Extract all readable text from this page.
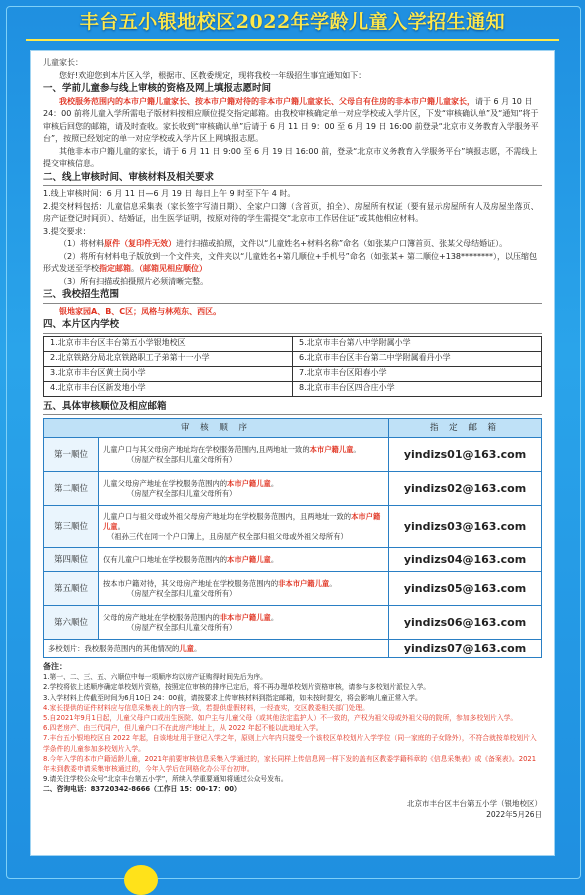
丰台五小银地校区2022年学龄儿童入学招生通知

儿童家长：

您好!欢迎您到本片区入学，根据市、区教委规定，现将我校一年级招生事宜通知如下：

一、学前儿童参与线上审核的资格及网上填报志愿时间

我校服务范围内的本市户籍儿童家长、按本市户籍对待的非本市户籍儿童家长、父母自有住房的非本市户籍儿童家长，请于 6 月 10 日 24：00 前将儿童入学所需电子版材料按相应顺位提交指定邮箱。由我校审核确定单一对应学校或入学片区，下发“审核确认单”及“通知”将于审核后回您的邮箱，请及时查收。家长收到“审核确认单”后请于 6 月 11 日 9：00 至 6 月 19 日 16:00 前登录“北京市义务教育入学服务平台”，按照已经划定的单一对应学校或入学片区上网填报志愿。

其他非本市户籍儿童的家长，请于 6 月 11 日 9:00 至 6 月 19 日 16:00 前，登录“北京市义务教育入学服务平台”填报志愿，不需线上提交审核信息。

二、线上审核时间、审核材料及相关要求

1.线上审核时间：6 月 11 日—6 月 19 日 每日上午 9 时至下午 4 时。

2.提交材料包括：儿童信息采集表（家长签字写清日期）、全家户口簿（含首页，拍全）、房屋所有权证（要有显示房屋所有人及房屋坐落页、房产证登记时间页）、结婚证，出生医学证明，按原对待的学生需提交“北京市工作居住证”或其他相应材料。

3.提交要求：

（1）将材料原件（复印件无效）进行扫描或拍照，文件以“儿童姓名+材料名称”命名（如张某户口簿首页、张某父母结婚证）。

（2）将所有材料电子版放到一个文件夹，文件夹以“儿童姓名+第几顺位+手机号”命名（如张某+ 第二顺位+138********），以压缩包形式发送至学校指定邮箱。（邮箱见相应顺位）

（3）所有扫描或拍摄照片必须清晰完整。

三、我校招生范围

银地家园A、B、C区；凤格与林苑东、西区。

四、本片区内学校

1.北京市丰台区丰台第五小学银地校区	5.北京市丰台第八中学附属小学
2.北京铁路分局北京铁路职工子弟第十一小学	6.北京市丰台区丰台第二中学附属看丹小学
3.北京市丰台区黄土岗小学	7.北京市丰台区阳春小学
4.北京市丰台区新发地小学	8.北京市丰台区四合庄小学

五、具体审核顺位及相应邮箱

审 核 顺 序		指 定 邮 箱
第一顺位	儿童户口与其父母房产地址均在学校服务范围内,且两地址一致的本市户籍儿童。
（房屋产权全部归儿童父母所有）	yindizs01@163.com
第二顺位	儿童父母房产地址在学校服务范围内的本市户籍儿童。
（房屋产权全部归儿童父母所有）	yindizs02@163.com
第三顺位	儿童户口与祖父母或外祖父母房产地址均在学校服务范围内，且两地址一致的本市户籍儿童。
（祖孙三代在同一个户口簿上，且房屋产权全部归祖父母或外祖父母所有）	yindizs03@163.com
第四顺位	仅有儿童户口地址在学校服务范围内的本市户籍儿童。	yindizs04@163.com
第五顺位	按本市户籍对待，其父母房产地址在学校服务范围内的非本市户籍儿童。
（房屋产权全部归儿童父母所有）	yindizs05@163.com
第六顺位	父母的房产地址在学校服务范围内的非本市户籍儿童。
（房屋产权全部归儿童父母所有）	yindizs06@163.com
多校划片：我校服务范围内的其他情况的儿童。		yindizs07@163.com

备注：

1.第一、二、三、五、六顺位中每一项顺序均以房产证购得时间先后为序。

2.学校将依上述顺序确定单校划片资格，按照定位审核的排序已定后，将不再办理单校划片资格审核，请参与多校划片派位入学。

3.入学材料上传截至时间为6月10日 24：00前，请按要求上传审核材料到指定邮箱，如未按时提交，将会影响儿童正常入学。

4.家长提供的证件材料应与信息采集表上的内容一致，若提供虚假材料，一经查实，交区教委相关部门处理。

5.自2021年9月1日起，儿童父母户口或出生医院、如户主与儿童父母（或其他法定监护人）不一致的，产权为祖父母或外祖父母的院所，参加多校划片入学。

6.四老房产、由三代同户，但儿童户口不在此房产地址上，从 2022 年起不能以此地址入学。

7.丰台五小银地校区自 2022 年起，自该地址用于登记入学之年，原则上六年内只接受一个该校区单校划片入学学位（同一家庭的子女除外），不符合就按单校划片入学条件的儿童参加多校划片入学。

8.今年入学的本市户籍适龄儿童，2021年前要审核信息采集入学通过的，家长同样上传信息网一样下发的盖有区教委学籍科章的《信息采集表》或《备案表》。2021 年未到教委申请采集审核通过的，今年入学后在网格化办公平台初审。

9.请关注学校公众号“北京丰台第五小学”，所续入学重要通知将通过公众号发布。

二、咨询电话：83720342-8666（工作日 15：00-17：00）

北京市丰台区丰台第五小学（银地校区）
2022年5月26日
